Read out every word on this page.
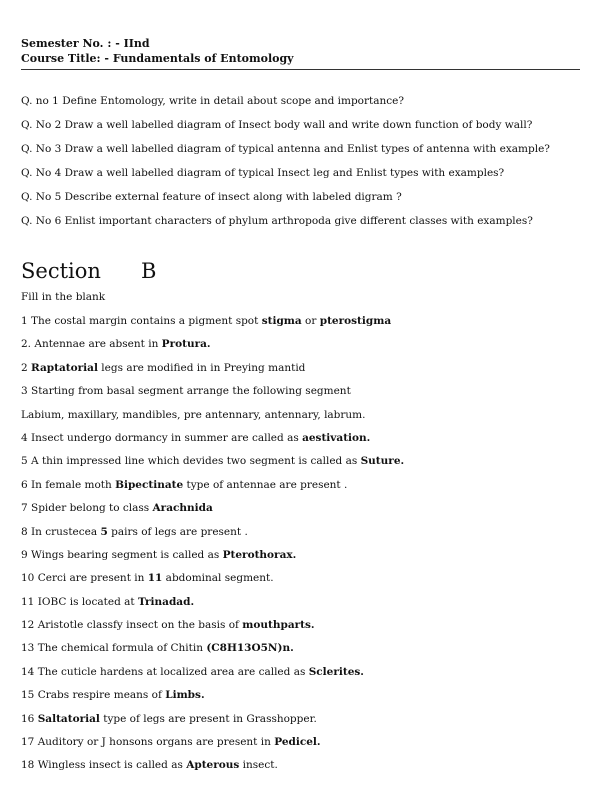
Semester No. : - IInd
Course Title: - Fundamentals of Entomology
Q. no 1 Define Entomology, write in detail about scope and importance?
Q. No 2 Draw a well labelled diagram of Insect body wall and write down function of body wall?
Q. No 3 Draw a well labelled diagram of typical antenna and Enlist types of antenna with example?
Q. No 4 Draw a well labelled diagram of typical Insect leg and Enlist types with examples?
Q. No 5 Describe external feature of insect along with labeled digram ?
Q. No 6 Enlist important characters of phylum arthropoda give different classes with examples?
Section      B
Fill in the blank
1 The costal margin contains a pigment spot stigma or pterostigma
2. Antennae are absent in Protura.
2 Raptatorial legs are modified in in Preying mantid
3 Starting from basal segment arrange the following segment
Labium, maxillary, mandibles, pre antennary, antennary, labrum.
4 Insect undergo dormancy in summer are called as aestivation.
5 A thin impressed line which devides two segment is called as Suture.
6 In female moth Bipectinate type of antennae are present .
7 Spider belong to class Arachnida
8 In crustecea 5 pairs of legs are present .
9 Wings bearing segment is called as Pterothorax.
10 Cerci are present in 11 abdominal segment.
11 IOBC is located at Trinadad.
12 Aristotle classfy insect on the basis of mouthparts.
13 The chemical formula of Chitin (C8H13O5N)n.
14 The cuticle hardens at localized area are called as Sclerites.
15 Crabs respire means of Limbs.
16 Saltatorial type of legs are present in Grasshopper.
17 Auditory or J honsons organs are present in Pedicel.
18 Wingless insect is called as Apterous insect.
